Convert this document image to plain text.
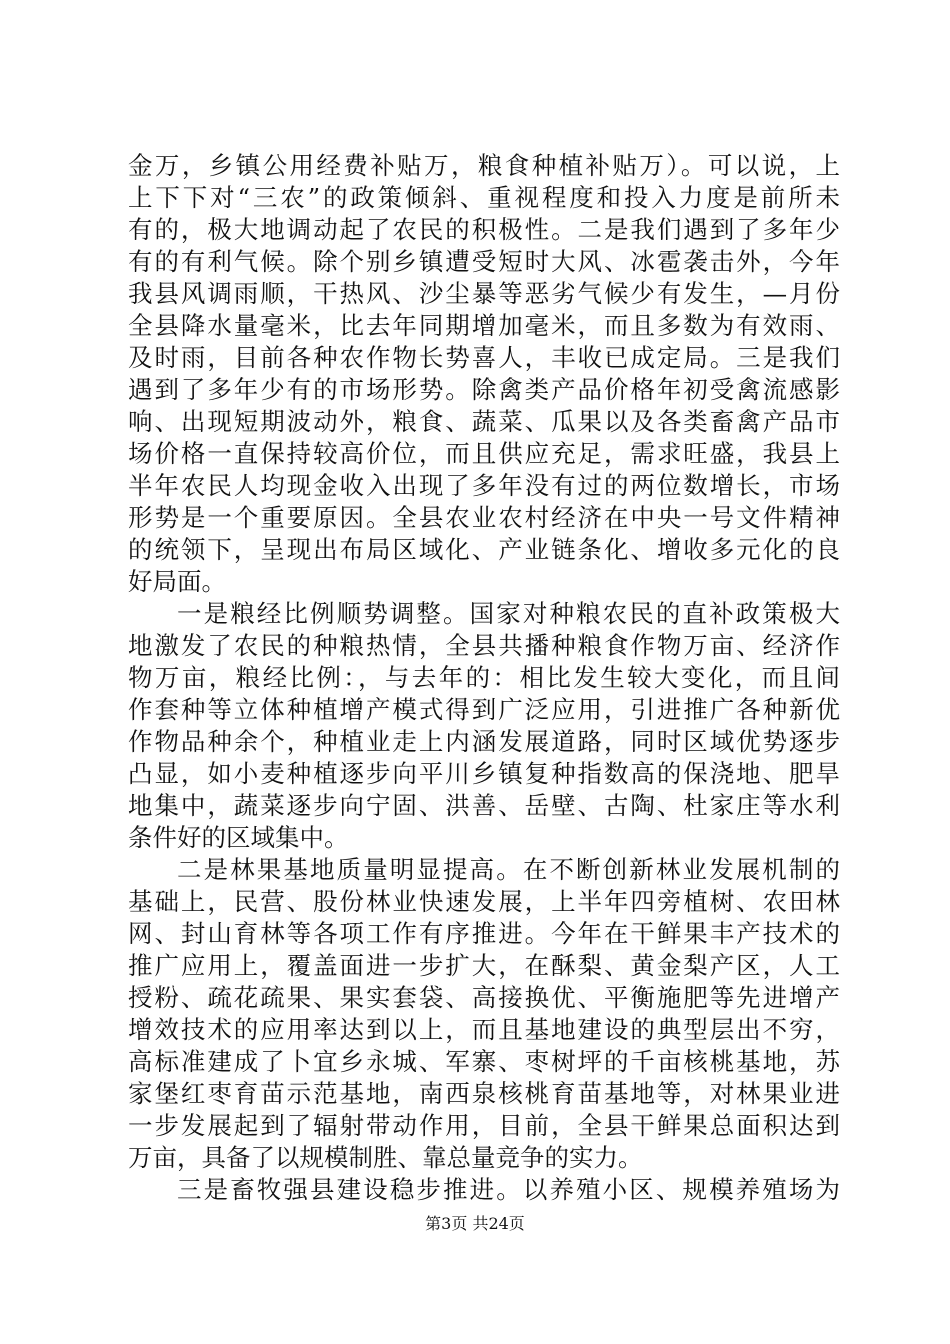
金万，乡镇公用经费补贴万，粮食种植补贴万）。可以说，上
上下下对“三农”的政策倾斜、重视程度和投入力度是前所未
有的，极大地调动起了农民的积极性。二是我们遇到了多年少
有的有利气候。除个别乡镇遭受短时大风、冰雹袭击外，今年
我县风调雨顺，干热风、沙尘暴等恶劣气候少有发生，—月份
全县降水量毫米，比去年同期增加毫米，而且多数为有效雨、
及时雨，目前各种农作物长势喜人，丰收已成定局。三是我们
遇到了多年少有的市场形势。除禽类产品价格年初受禽流感影
响、出现短期波动外，粮食、蔬菜、瓜果以及各类畜禽产品市
场价格一直保持较高价位，而且供应充足，需求旺盛，我县上
半年农民人均现金收入出现了多年没有过的两位数增长，市场
形势是一个重要原因。全县农业农村经济在中央一号文件精神
的统领下，呈现出布局区域化、产业链条化、增收多元化的良
好局面。
一是粮经比例顺势调整。国家对种粮农民的直补政策极大
地激发了农民的种粮热情，全县共播种粮食作物万亩、经济作
物万亩，粮经比例：，与去年的：相比发生较大变化，而且间
作套种等立体种植增产模式得到广泛应用，引进推广各种新优
作物品种余个，种植业走上内涵发展道路，同时区域优势逐步
凸显，如小麦种植逐步向平川乡镇复种指数高的保浇地、肥旱
地集中，蔬菜逐步向宁固、洪善、岳壁、古陶、杜家庄等水利
条件好的区域集中。
二是林果基地质量明显提高。在不断创新林业发展机制的
基础上，民营、股份林业快速发展，上半年四旁植树、农田林
网、封山育林等各项工作有序推进。今年在干鲜果丰产技术的
推广应用上，覆盖面进一步扩大，在酥梨、黄金梨产区，人工
授粉、疏花疏果、果实套袋、高接换优、平衡施肥等先进增产
增效技术的应用率达到以上，而且基地建设的典型层出不穷，
高标准建成了卜宜乡永城、军寨、枣树坪的千亩核桃基地，苏
家堡红枣育苗示范基地，南西泉核桃育苗基地等，对林果业进
一步发展起到了辐射带动作用，目前，全县干鲜果总面积达到
万亩，具备了以规模制胜、靠总量竞争的实力。
三是畜牧强县建设稳步推进。以养殖小区、规模养殖场为
第3页 共24页
